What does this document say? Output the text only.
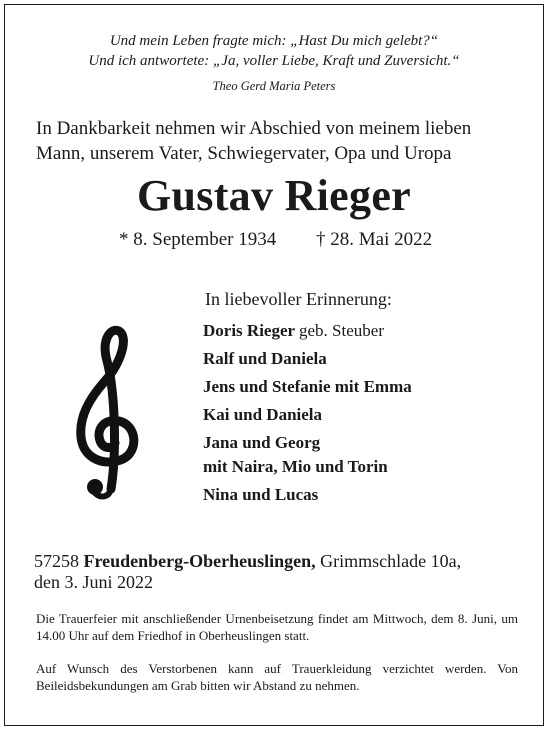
Und mein Leben fragte mich: „Hast Du mich gelebt?“
Und ich antwortete: „Ja, voller Liebe, Kraft und Zuversicht.“
Theo Gerd Maria Peters
In Dankbarkeit nehmen wir Abschied von meinem lieben
Mann, unserem Vater, Schwiegervater, Opa und Uropa
Gustav Rieger
* 8. September 1934 † 28. Mai 2022
In liebevoller Erinnerung:
Doris Rieger geb. Steuber
Ralf und Daniela
Jens und Stefanie mit Emma
Kai und Daniela
Jana und Georg
mit Naira, Mio und Torin
Nina und Lucas
57258 Freudenberg-Oberheuslingen, Grimmschlade 10a,
den 3. Juni 2022
Die Trauerfeier mit anschließender Urnenbeisetzung findet am Mittwoch, dem 8. Juni, um 14.00 Uhr auf dem Friedhof in Oberheuslingen statt.
Auf Wunsch des Verstorbenen kann auf Trauerkleidung verzichtet werden. Von Beileidsbekundungen am Grab bitten wir Abstand zu nehmen.
